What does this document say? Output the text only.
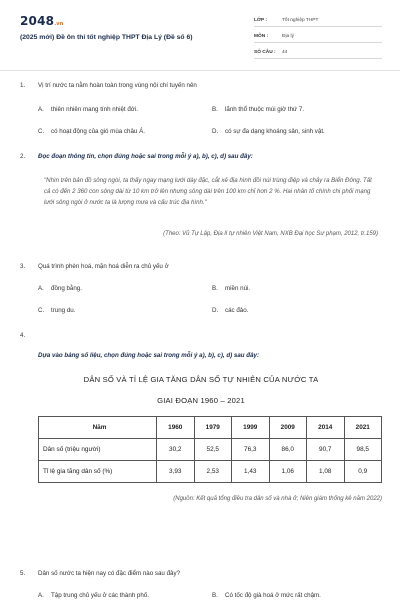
2048.vn
(2025 mới) Đề ôn thi tốt nghiệp THPT Địa Lý (Đề số 6)
LỚP :	Tốt nghiệp THPT
MÔN :	Địa lý
SỐ CÂU :	44
1. Vị trí nước ta nằm hoàn toàn trong vùng nội chí tuyến nên
A. thiên nhiên mang tính nhiệt đới.	B. lãnh thổ thuộc múi giờ thứ 7.
C. có hoạt động của gió mùa châu Á.	D. có sự đa dạng khoáng sản, sinh vật.
2. Đọc đoạn thông tin, chọn đúng hoặc sai trong mỗi ý a), b), c), d) sau đây:
"Nhìn trên bản đồ sông ngòi, ta thấy ngay mạng lưới dày đặc, cắt xẻ địa hình đồi núi trùng điệp và chảy ra Biển Đông. Tất cả có đến 2 360 con sông dài từ 10 km trở lên nhưng sông dài trên 100 km chỉ hơn 2 %. Hai nhân tố chính chi phối mạng lưới sông ngòi ở nước ta là lượng mưa và cấu trúc địa hình."
(Theo: Vũ Tự Lập, Địa lí tự nhiên Việt Nam, NXB Đại học Sư phạm, 2012, tr.159)
3. Quá trình phèn hoá, mặn hoá diễn ra chủ yếu ở
A. đồng bằng.	B. miền núi.
C. trung du.	D. các đảo.
4.
Dựa vào bảng số liệu, chọn đúng hoặc sai trong mỗi ý a), b), c), d) sau đây:
DÂN SỐ VÀ TỈ LỆ GIA TĂNG DÂN SỐ TỰ NHIÊN CỦA NƯỚC TA
GIAI ĐOẠN 1960 – 2021
Năm	1960	1979	1999	2009	2014	2021
Dân số (triệu người)	30,2	52,5	76,3	86,0	90,7	98,5
Tỉ lệ gia tăng dân số (%)	3,93	2,53	1,43	1,06	1,08	0,9
(Nguồn: Kết quả tổng điều tra dân số và nhà ở; Niên giám thống kê năm 2022)
5. Dân số nước ta hiện nay có đặc điểm nào sau đây?
A. Tập trung chủ yếu ở các thành phố.	B. Có tốc độ già hoá ở mức rất chậm.
